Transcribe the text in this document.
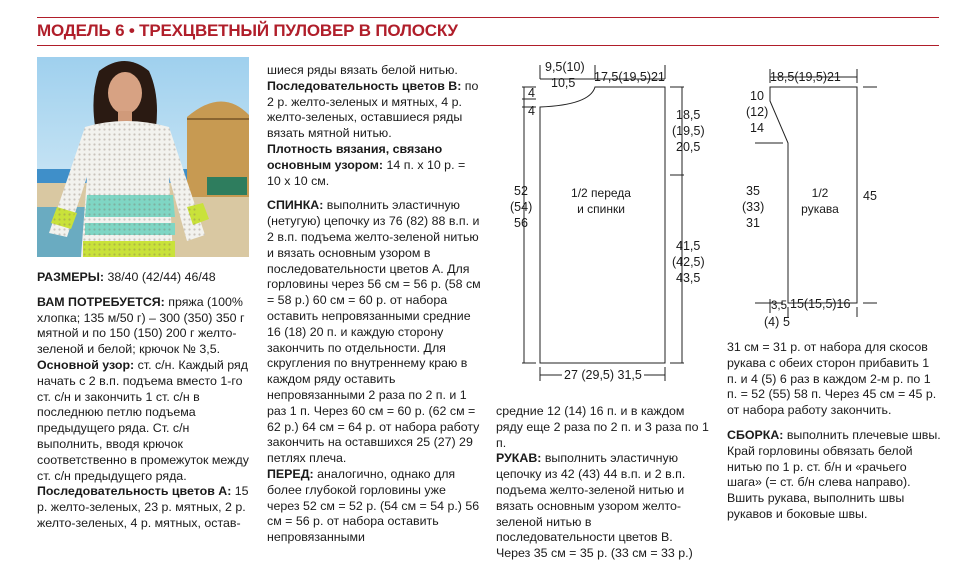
МОДЕЛЬ 6 • ТРЕХЦВЕТНЫЙ ПУЛОВЕР В ПОЛОСКУ

РАЗМЕРЫ: 38/40 (42/44) 46/48

ВАМ ПОТРЕБУЕТСЯ: пряжа (100% хлопка; 135 м/50 г) – 300 (350) 350 г мятной и по 150 (150) 200 г желто-зеленой и белой; крючок № 3,5.

Основной узор: ст. с/н. Каждый ряд начать с 2 в.п. подъема вместо 1-го ст. с/н и закончить 1 ст. с/н в последнюю петлю подъема предыдущего ряда. Ст. с/н выполнить, вводя крючок соответственно в промежуток между ст. с/н предыдущего ряда.

Последовательность цветов А: 15 р. желто-зеленых, 23 р. мятных, 2 р. желто-зеленых, 4 р. мятных, остав-

шиеся ряды вязать белой нитью.

Последовательность цветов В: по 2 р. желто-зеленых и мятных, 4 р. желто-зеленых, оставшиеся ряды вязать мятной нитью.

Плотность вязания, связано основным узором: 14 п. х 10 р. = 10 х 10 см.

СПИНКА: выполнить эластичную (нетугую) цепочку из 76 (82) 88 в.п. и 2 в.п. подъема желто-зеленой нитью и вязать основным узором в последовательности цветов А. Для горловины через 56 см = 56 р. (58 см = 58 р.) 60 см = 60 р. от набора оставить непровязанными средние 16 (18) 20 п. и каждую сторону закончить по отдельности. Для скругления по внутреннему краю в каждом ряду оставить непровязанными 2 раза по 2 п. и 1 раз 1 п. Через 60 см = 60 р. (62 см = 62 р.) 64 см = 64 р. от набора работу закончить на оставшихся 25 (27) 29 петлях плеча.

ПЕРЕД: аналогично, однако для более глубокой горловины уже через 52 см = 52 р. (54 см = 54 р.) 56 см = 56 р. от набора оставить непровязанными

средние 12 (14) 16 п. и в каждом ряду еще 2 раза по 2 п. и 3 раза по 1 п.

РУКАВ: выполнить эластичную цепочку из 42 (43) 44 в.п. и 2 в.п. подъема желто-зеленой нитью и вязать основным узором желто-зеленой нитью в последовательности цветов В. Через 35 см = 35 р. (33 см = 33 р.)

31 см = 31 р. от набора для скосов рукава с обеих сторон прибавить 1 п. и 4 (5) 6 раз в каждом 2-м р. по 1 п. = 52 (55) 58 п. Через 45 см = 45 р. от набора работу закончить.

СБОРКА: выполнить плечевые швы. Край горловины обвязать белой нитью по 1 р. ст. б/н и «рачьего шага» (= ст. б/н слева направо). Вшить рукава, выполнить швы рукавов и боковые швы.

9,5(10)
10,5 17,5(19,5)21
4
4	18,5
(19,5)
20,5
52
(54)
56
1/2 переда
и спинки
41,5
(42,5)
43,5
27 (29,5) 31,5
18,5(19,5)21
10
(12)
14
35
(33)
31
1/2
рукава
45
3,5
(4) 5
15(15,5)16
